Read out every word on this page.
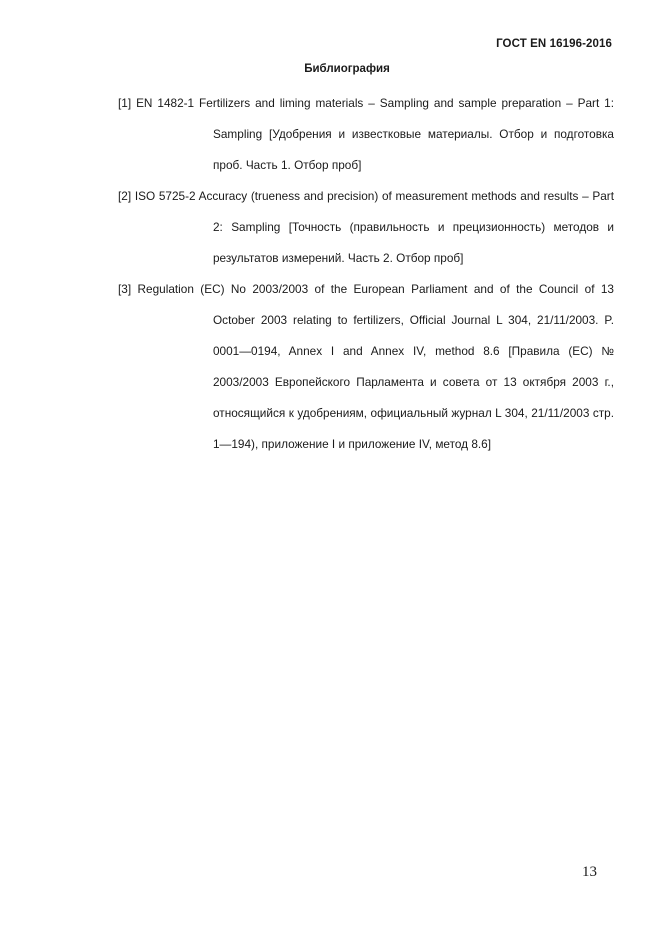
ГОСТ EN 16196-2016
Библиография

[1] EN 1482-1 Fertilizers and liming materials – Sampling and sample preparation – Part 1: Sampling [Удобрения и известковые материалы. Отбор и подготовка проб. Часть 1. Отбор проб]

[2] ISO 5725-2 Accuracy (trueness and precision) of measurement methods and results – Part 2: Sampling [Точность (правильность и прецизионность) методов и результатов измерений. Часть 2. Отбор проб]

[3] Regulation (EC) No 2003/2003 of the European Parliament and of the Council of 13 October 2003 relating to fertilizers, Official Journal L 304, 21/11/2003. P. 0001—0194, Annex I and Annex IV, method 8.6 [Правила (ЕС) № 2003/2003 Европейского Парламента и совета от 13 октября 2003 г., относящийся к удобрениям, официальный журнал L 304, 21/11/2003 стр. 1—194), приложение I и приложение IV, метод 8.6]

13
